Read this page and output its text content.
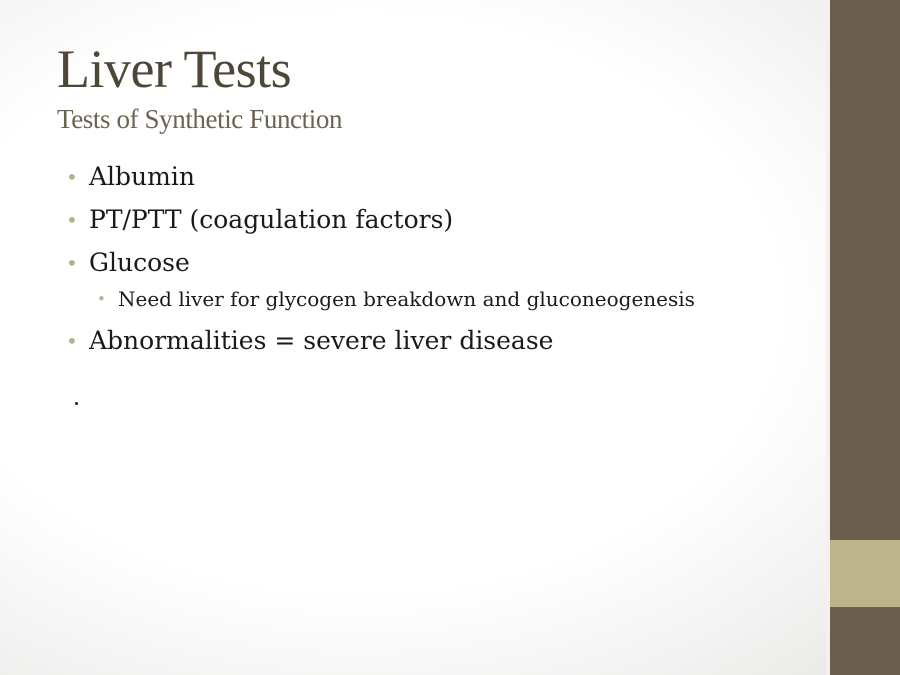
Liver Tests
Tests of Synthetic Function
• Albumin
• PT/PTT (coagulation factors)
• Glucose
• Need liver for glycogen breakdown and gluconeogenesis
• Abnormalities = severe liver disease
